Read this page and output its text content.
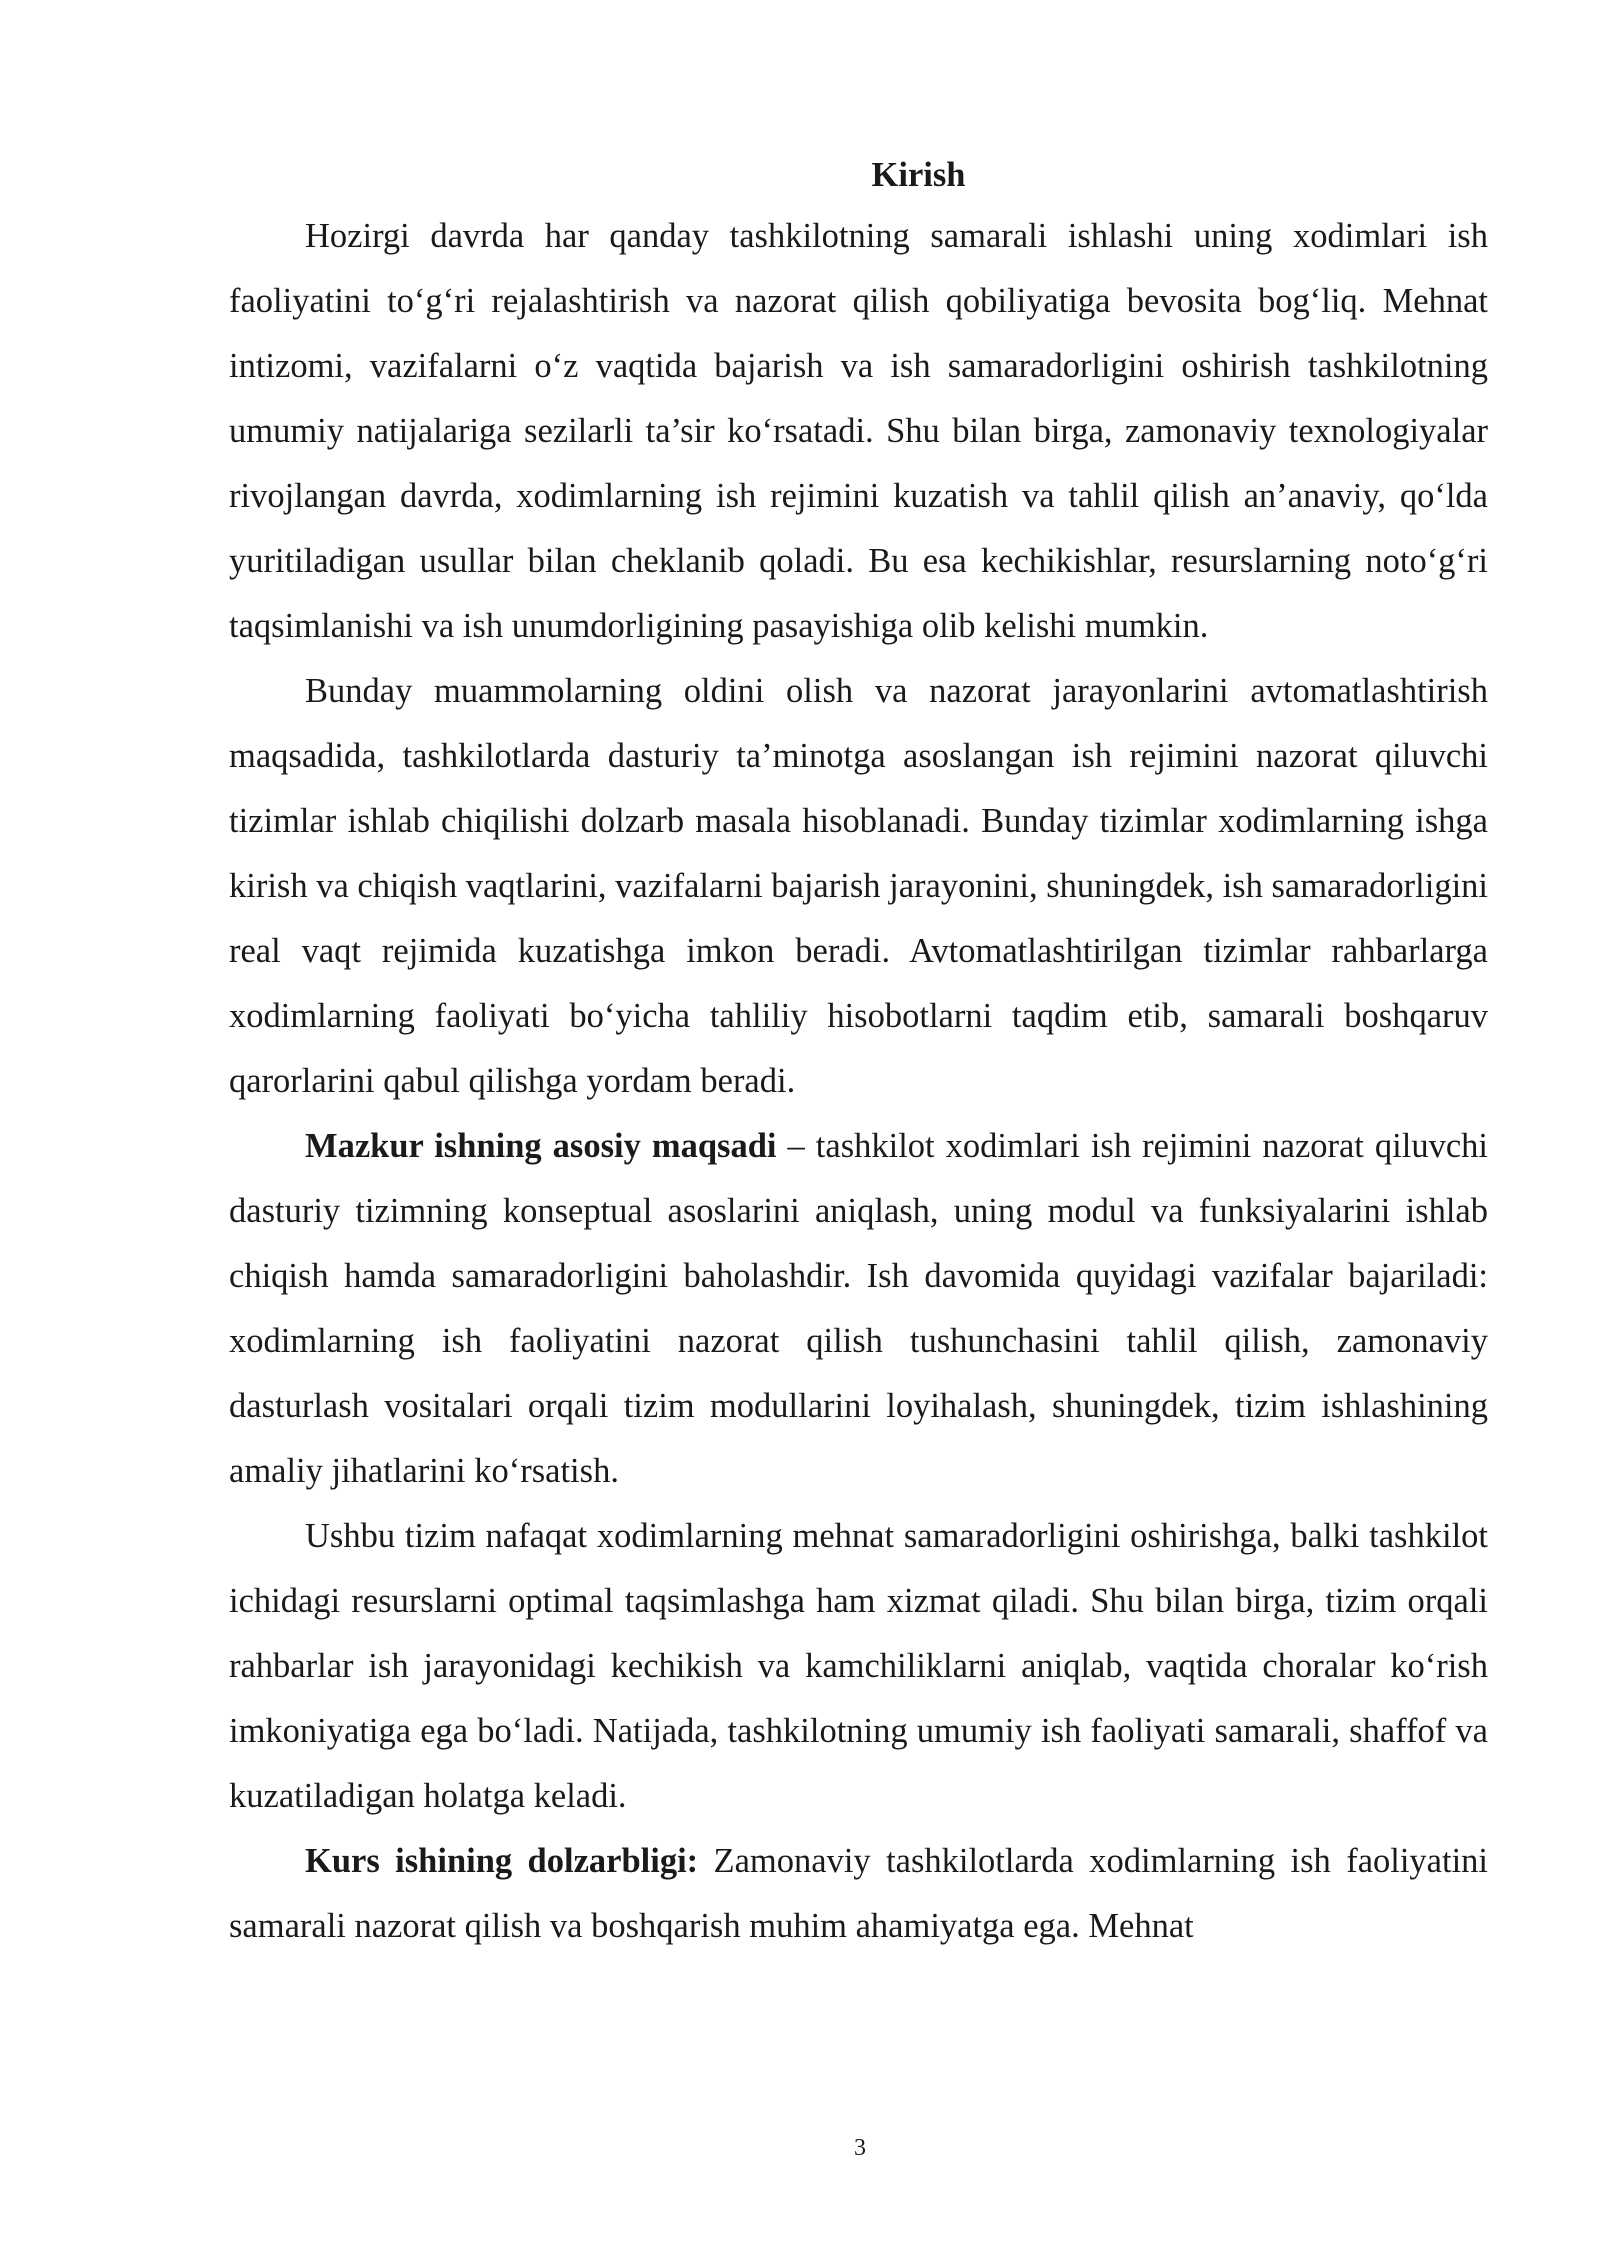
Kirish

Hozirgi davrda har qanday tashkilotning samarali ishlashi uning xodimlari ish faoliyatini to‘g‘ri rejalashtirish va nazorat qilish qobiliyatiga bevosita bog‘liq. Mehnat intizomi, vazifalarni o‘z vaqtida bajarish va ish samaradorligini oshirish tashkilotning umumiy natijalariga sezilarli ta’sir ko‘rsatadi. Shu bilan birga, zamonaviy texnologiyalar rivojlangan davrda, xodimlarning ish rejimini kuzatish va tahlil qilish an’anaviy, qo‘lda yuritiladigan usullar bilan cheklanib qoladi. Bu esa kechikishlar, resurslarning noto‘g‘ri taqsimlanishi va ish unumdorligining pasayishiga olib kelishi mumkin.

Bunday muammolarning oldini olish va nazorat jarayonlarini avtomatlashtirish maqsadida, tashkilotlarda dasturiy ta’minotga asoslangan ish rejimini nazorat qiluvchi tizimlar ishlab chiqilishi dolzarb masala hisoblanadi. Bunday tizimlar xodimlarning ishga kirish va chiqish vaqtlarini, vazifalarni bajarish jarayonini, shuningdek, ish samaradorligini real vaqt rejimida kuzatishga imkon beradi. Avtomatlashtirilgan tizimlar rahbarlarga xodimlarning faoliyati bo‘yicha tahliliy hisobotlarni taqdim etib, samarali boshqaruv qarorlarini qabul qilishga yordam beradi.

Mazkur ishning asosiy maqsadi – tashkilot xodimlari ish rejimini nazorat qiluvchi dasturiy tizimning konseptual asoslarini aniqlash, uning modul va funksiyalarini ishlab chiqish hamda samaradorligini baholashdir. Ish davomida quyidagi vazifalar bajariladi: xodimlarning ish faoliyatini nazorat qilish tushunchasini tahlil qilish, zamonaviy dasturlash vositalari orqali tizim modullarini loyihalash, shuningdek, tizim ishlashining amaliy jihatlarini ko‘rsatish.

Ushbu tizim nafaqat xodimlarning mehnat samaradorligini oshirishga, balki tashkilot ichidagi resurslarni optimal taqsimlashga ham xizmat qiladi. Shu bilan birga, tizim orqali rahbarlar ish jarayonidagi kechikish va kamchiliklarni aniqlab, vaqtida choralar ko‘rish imkoniyatiga ega bo‘ladi. Natijada, tashkilotning umumiy ish faoliyati samarali, shaffof va kuzatiladigan holatga keladi.

Kurs ishining dolzarbligi: Zamonaviy tashkilotlarda xodimlarning ish faoliyatini samarali nazorat qilish va boshqarish muhim ahamiyatga ega. Mehnat

3
